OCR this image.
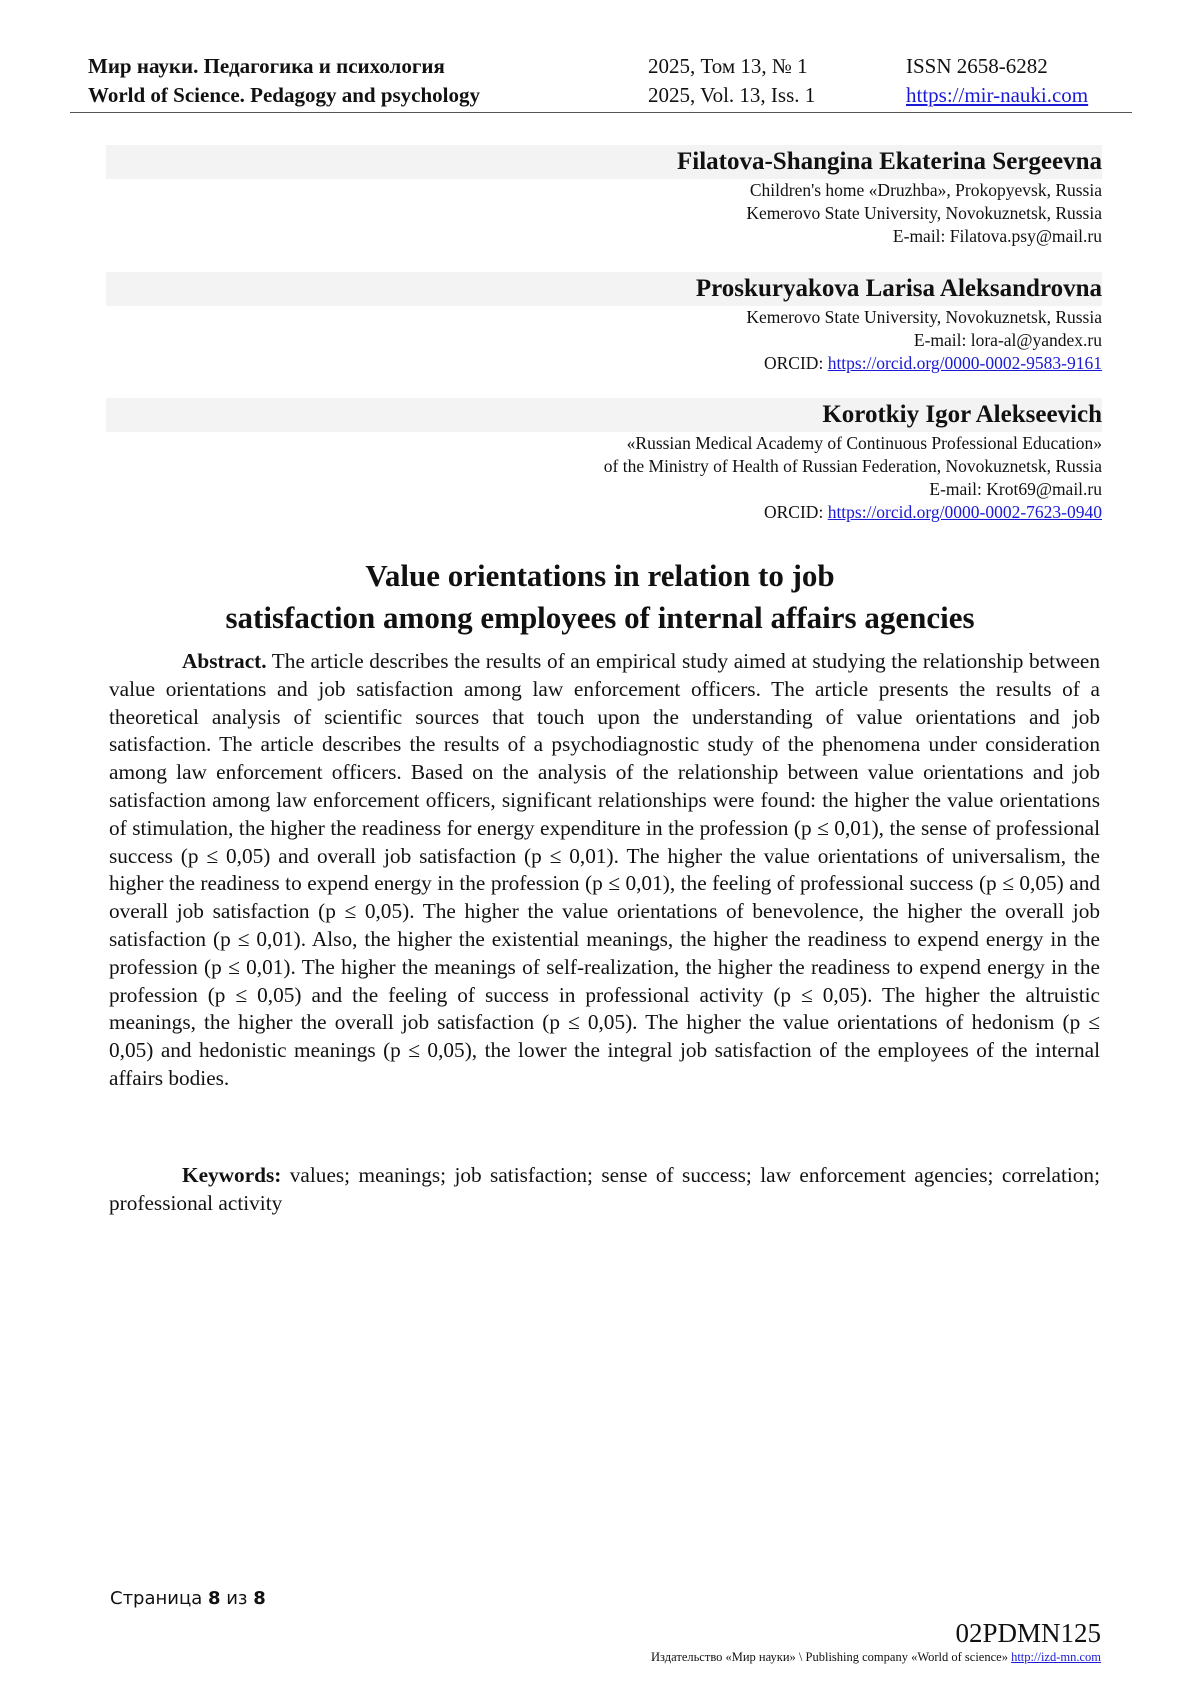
Мир науки. Педагогика и психология
World of Science. Pedagogy and psychology
2025, Том 13, № 1
2025, Vol. 13, Iss. 1
ISSN 2658-6282
https://mir-nauki.com
Filatova-Shangina Ekaterina Sergeevna
Children's home «Druzhba», Prokopyevsk, Russia
Kemerovo State University, Novokuznetsk, Russia
E-mail: Filatova.psy@mail.ru
Proskuryakova Larisa Aleksandrovna
Kemerovo State University, Novokuznetsk, Russia
E-mail: lora-al@yandex.ru
ORCID: https://orcid.org/0000-0002-9583-9161
Korotkiy Igor Alekseevich
«Russian Medical Academy of Continuous Professional Education»
of the Ministry of Health of Russian Federation, Novokuznetsk, Russia
E-mail: Krot69@mail.ru
ORCID: https://orcid.org/0000-0002-7623-0940
Value orientations in relation to job
satisfaction among employees of internal affairs agencies
Abstract. The article describes the results of an empirical study aimed at studying the relationship between value orientations and job satisfaction among law enforcement officers. The article presents the results of a theoretical analysis of scientific sources that touch upon the understanding of value orientations and job satisfaction. The article describes the results of a psychodiagnostic study of the phenomena under consideration among law enforcement officers. Based on the analysis of the relationship between value orientations and job satisfaction among law enforcement officers, significant relationships were found: the higher the value orientations of stimulation, the higher the readiness for energy expenditure in the profession (p ≤ 0,01), the sense of professional success (p ≤ 0,05) and overall job satisfaction (p ≤ 0,01). The higher the value orientations of universalism, the higher the readiness to expend energy in the profession (p ≤ 0,01), the feeling of professional success (p ≤ 0,05) and overall job satisfaction (p ≤ 0,05). The higher the value orientations of benevolence, the higher the overall job satisfaction (p ≤ 0,01). Also, the higher the existential meanings, the higher the readiness to expend energy in the profession (p ≤ 0,01). The higher the meanings of self-realization, the higher the readiness to expend energy in the profession (p ≤ 0,05) and the feeling of success in professional activity (p ≤ 0,05). The higher the altruistic meanings, the higher the overall job satisfaction (p ≤ 0,05). The higher the value orientations of hedonism (p ≤ 0,05) and hedonistic meanings (p ≤ 0,05), the lower the integral job satisfaction of the employees of the internal affairs bodies.
Keywords: values; meanings; job satisfaction; sense of success; law enforcement agencies; correlation; professional activity
Страница 8 из 8
02PDMN125
Издательство «Мир науки» \ Publishing company «World of science» http://izd-mn.com
